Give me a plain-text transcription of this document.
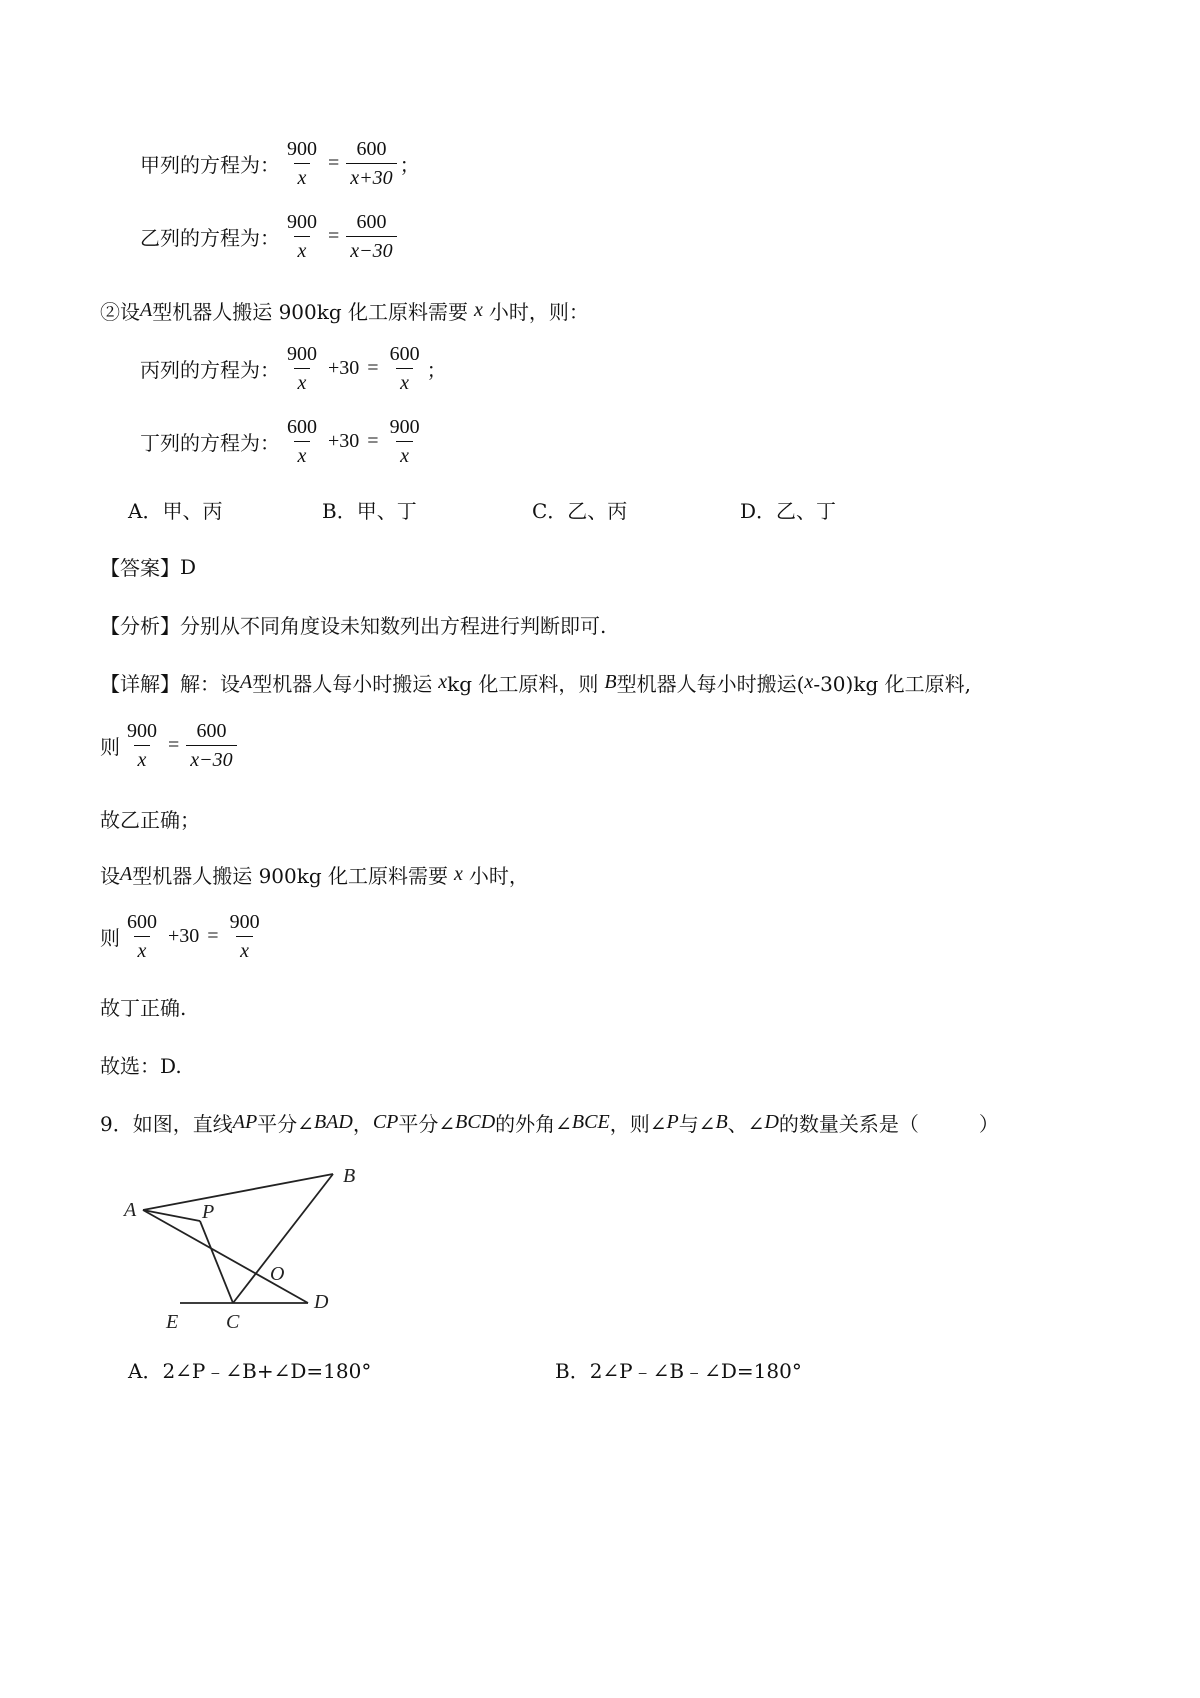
甲列的方程为： $\frac{900}{x} = \frac{600}{x+30}$ ；
乙列的方程为： $\frac{900}{x} = \frac{600}{x-30}$
②设 A 型机器人搬运 900kg 化工原料需要 x 小时，则：
丙列的方程为： $\frac{900}{x} +30 = \frac{600}{x}$ ；
丁列的方程为： $\frac{600}{x} +30 = \frac{900}{x}$
A．甲、丙	B．甲、丁	C．乙、丙	D．乙、丁
【答案】 D
【分析】 分别从不同角度设未知数列出方程进行判断即可.
【详解】 解：设 A 型机器人每小时搬运 x kg 化工原料，则 B 型机器人每小时搬运( x -30)kg 化工原料,
则 $\frac{900}{x} = \frac{600}{x-30}$
故乙正确；
设 A 型机器人搬运 900kg 化工原料需要 x 小时，
则 $\frac{600}{x} +30 = \frac{900}{x}$
故丁正确.
故选：D.
9．如图，直线 AP 平分∠ BAD ， CP 平分∠ BCD 的外角∠ BCE ，则∠ P 与∠ B 、∠ D 的数量关系是（　　　）
A
B
P
O
E C
D
A．2∠P﹣∠B+∠D=180°	B．2∠P﹣∠B﹣∠D=180°
